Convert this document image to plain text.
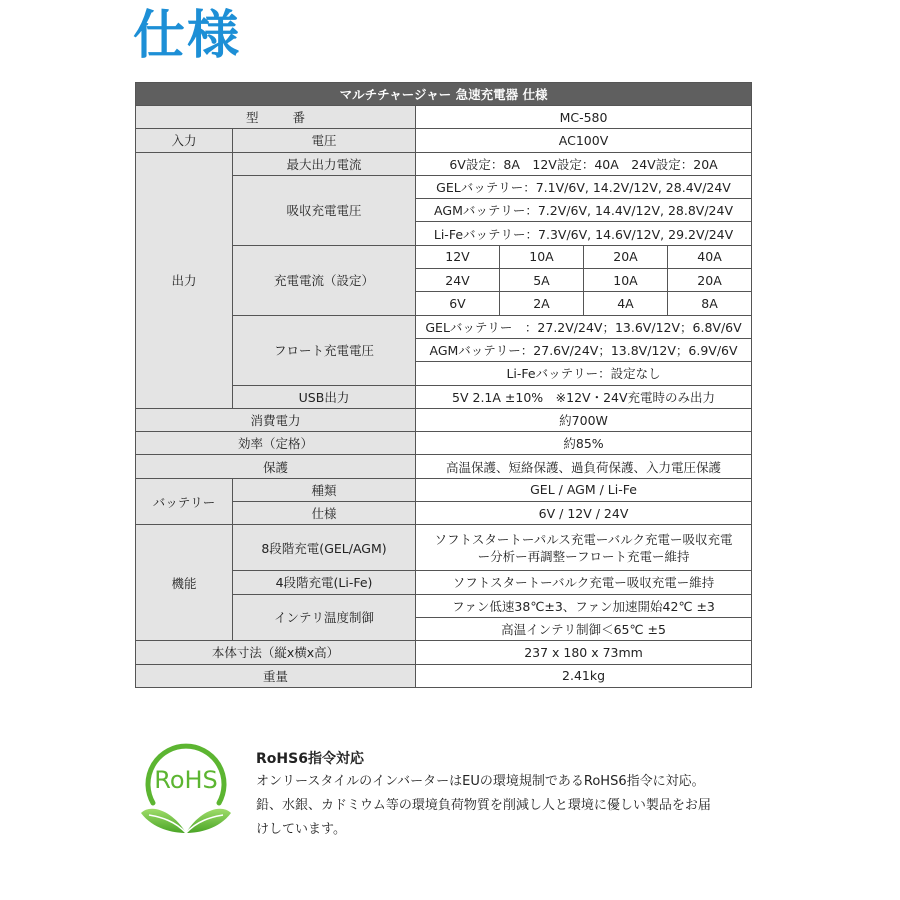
仕様
マルチチャージャー 急速充電器 仕様					
型 番		MC-580			
入力	電圧	AC100V			
出力	最大出力電流	6V設定：8A　12V設定：40A　24V設定：20A			
	吸収充電電圧	GELバッテリー：7.1V/6V, 14.2V/12V, 28.4V/24V			
		AGMバッテリー：7.2V/6V, 14.4V/12V, 28.8V/24V			
		Li-Feバッテリー：7.3V/6V, 14.6V/12V, 29.2V/24V			
	充電電流（設定）	12V	10A	20A	40A
		24V	5A	10A	20A
		6V	2A	4A	8A
	フロート充電電圧	GELバッテリー　：27.2V/24V；13.6V/12V；6.8V/6V			
		AGMバッテリー：27.6V/24V；13.8V/12V；6.9V/6V			
		Li-Feバッテリー：設定なし			
	USB出力	5V 2.1A ±10%　※12V・24V充電時のみ出力			
消費電力		約700W			
効率（定格）		約85%			
保護		高温保護、短絡保護、過負荷保護、入力電圧保護			
バッテリー	種類	GEL / AGM / Li-Fe			
	仕様	6V / 12V / 24V			
機能	8段階充電(GEL/AGM)	ソフトスタートーパルス充電ーバルク充電ー吸収充電
ー分析ー再調整ーフロート充電ー維持			

	4段階充電(Li-Fe)	ソフトスタートーバルク充電ー吸収充電ー維持			
	インテリ温度制御	ファン低速38℃±3、ファン加速開始42℃ ±3			
		高温インテリ制御＜65℃ ±5			
本体寸法（縦x横x高）		237 x 180 x 73mm			
重量		2.41kg			
RoHS
RoHS6指令対応
オンリースタイルのインバーターはEUの環境規制であるRoHS6指令に対応。
鉛、水銀、カドミウム等の環境負荷物質を削減し人と環境に優しい製品をお届
けしています。
